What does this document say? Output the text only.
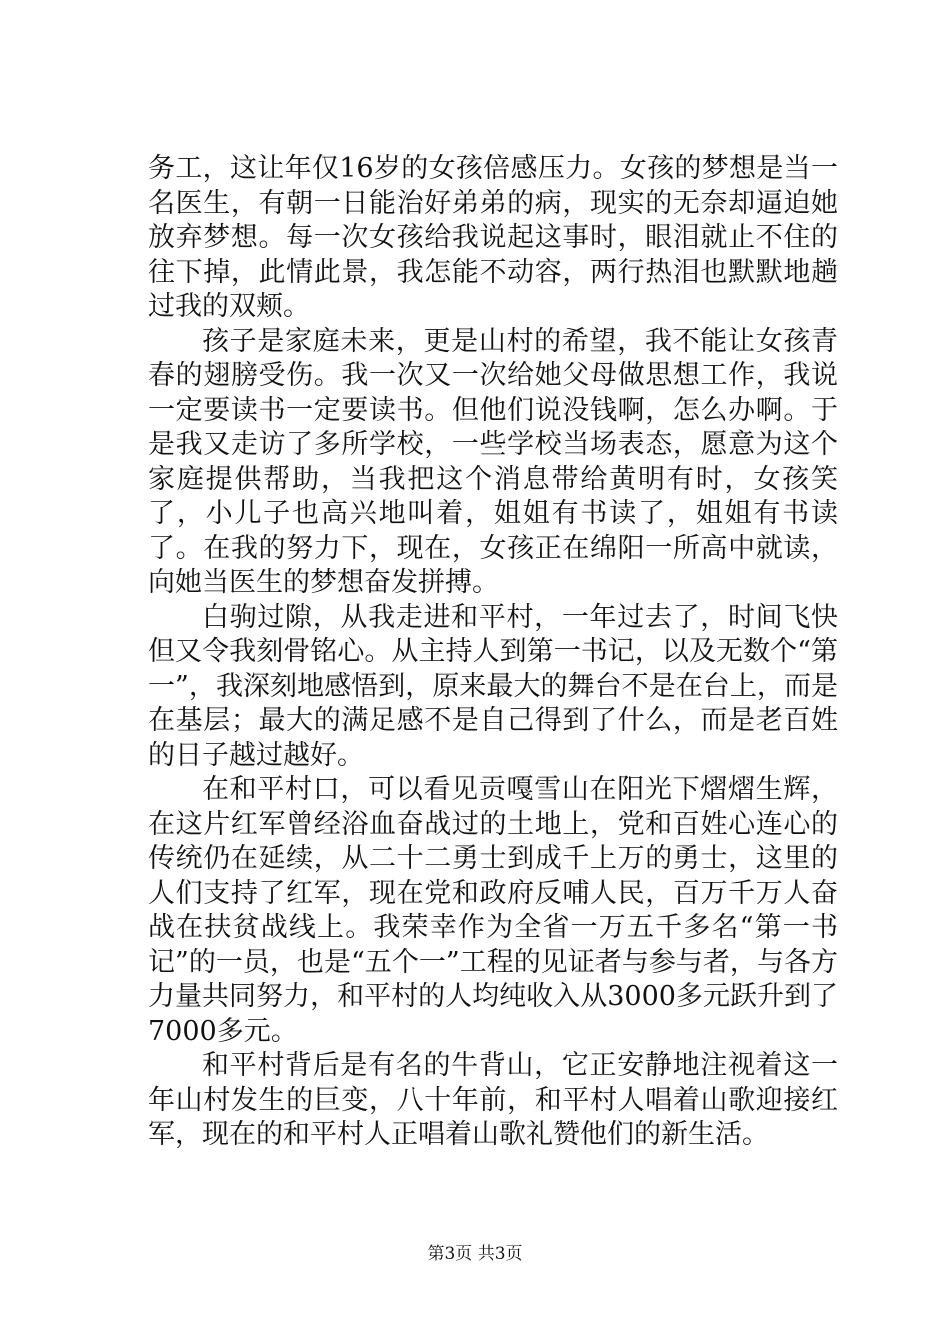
务工，这让年仅16岁的女孩倍感压力。女孩的梦想是当一名医生，有朝一日能治好弟弟的病，现实的无奈却逼迫她放弃梦想。每一次女孩给我说起这事时，眼泪就止不住的往下掉，此情此景，我怎能不动容，两行热泪也默默地趟过我的双颊。

孩子是家庭未来，更是山村的希望，我不能让女孩青春的翅膀受伤。我一次又一次给她父母做思想工作，我说一定要读书一定要读书。但他们说没钱啊，怎么办啊。于是我又走访了多所学校，一些学校当场表态，愿意为这个家庭提供帮助，当我把这个消息带给黄明有时，女孩笑了，小儿子也高兴地叫着，姐姐有书读了，姐姐有书读了。在我的努力下，现在，女孩正在绵阳一所高中就读，向她当医生的梦想奋发拼搏。

白驹过隙，从我走进和平村，一年过去了，时间飞快但又令我刻骨铭心。从主持人到第一书记，以及无数个“第一”，我深刻地感悟到，原来最大的舞台不是在台上，而是在基层；最大的满足感不是自己得到了什么，而是老百姓的日子越过越好。

在和平村口，可以看见贡嘎雪山在阳光下熠熠生辉，在这片红军曾经浴血奋战过的土地上，党和百姓心连心的传统仍在延续，从二十二勇士到成千上万的勇士，这里的人们支持了红军，现在党和政府反哺人民，百万千万人奋战在扶贫战线上。我荣幸作为全省一万五千多名“第一书记”的一员，也是“五个一”工程的见证者与参与者，与各方力量共同努力，和平村的人均纯收入从3000多元跃升到了7000多元。

和平村背后是有名的牛背山，它正安静地注视着这一年山村发生的巨变，八十年前，和平村人唱着山歌迎接红军，现在的和平村人正唱着山歌礼赞他们的新生活。

第3页 共3页
